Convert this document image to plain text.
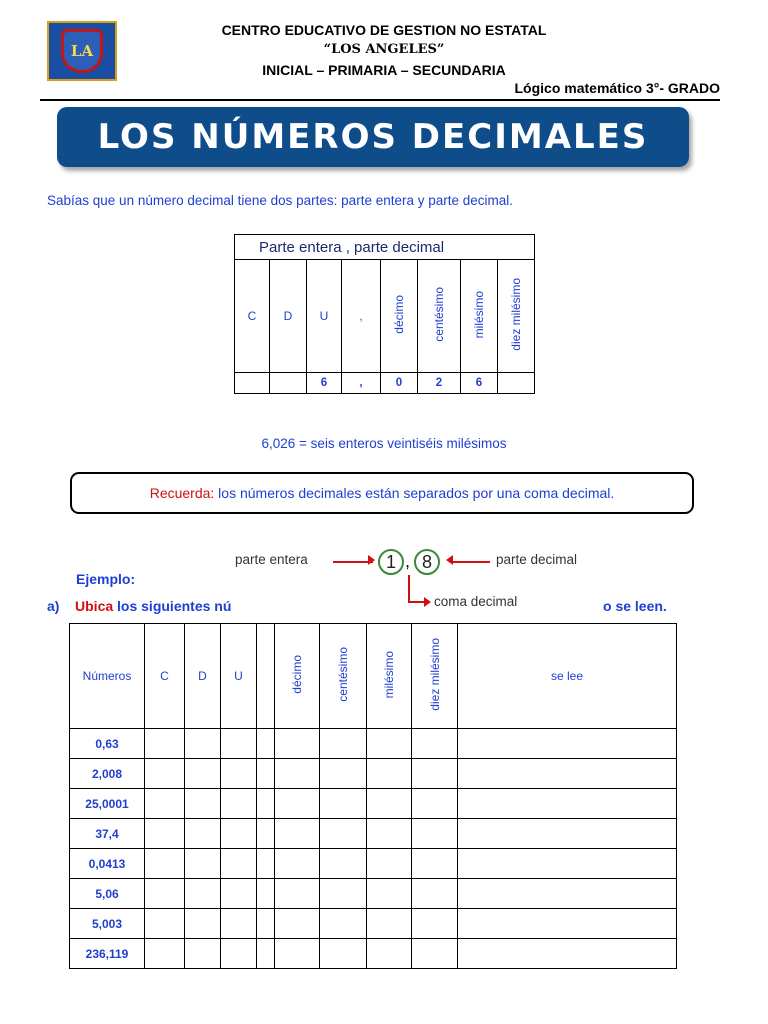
LA
CENTRO EDUCATIVO DE GESTION NO ESTATAL
“LOS ANGELES”
INICIAL – PRIMARIA – SECUNDARIA
Lógico matemático 3°- GRADO
LOS NÚMEROS DECIMALES
Sabías que un número decimal tiene dos partes: parte entera y parte decimal.
Parte entera , parte decimal							
C	D	U	,	décimo	centésimo	milésimo	diez milésimo
		6	,	0	2	6	
6,026 = seis enteros veintiséis milésimos
Recuerda: los números decimales están separados por una coma decimal.
parte entera	1 , 8	parte decimal
coma decimal
Ejemplo:
a) Ubica los siguientes nú	o se leen.
Números	C	D	U		décimo	centésimo	milésimo	diez milésimo	se lee
0,63									
2,008									
25,0001									
37,4									
0,0413									
5,06									
5,003									
236,119									
